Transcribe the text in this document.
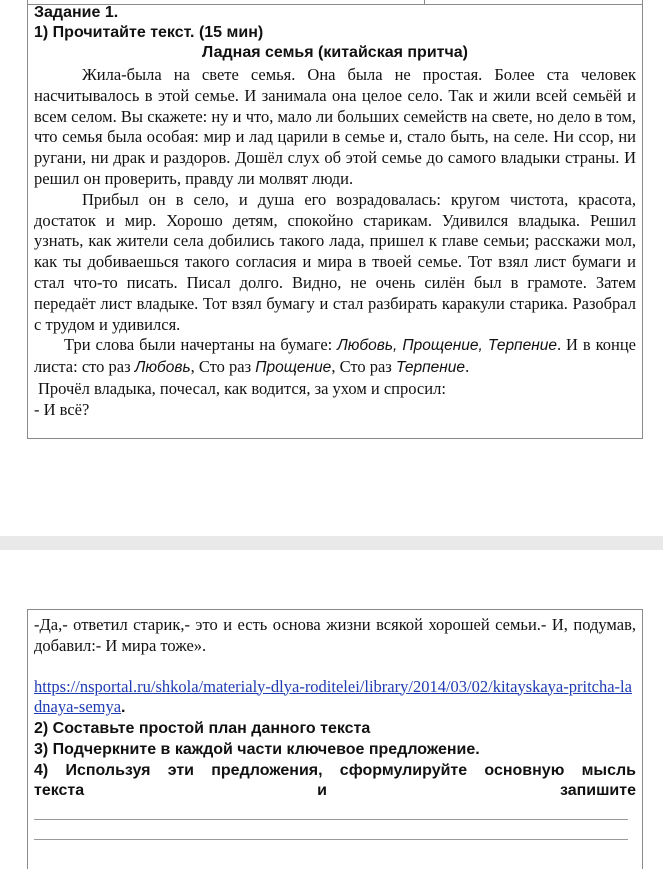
Задание 1.
1) Прочитайте текст. (15 мин)
Ладная семья (китайская притча)

Жила-была на свете семья. Она была не простая. Более ста человек насчитывалось в этой семье. И занимала она целое село. Так и жили всей семьёй и всем селом. Вы скажете: ну и что, мало ли больших семейств на свете, но дело в том, что семья была особая: мир и лад царили в семье и, стало быть, на селе. Ни ссор, ни ругани, ни драк и раздоров. Дошёл слух об этой семье до самого владыки страны. И решил он проверить, правду ли молвят люди.

Прибыл он в село, и душа его возрадовалась: кругом чистота, красота, достаток и мир. Хорошо детям, спокойно старикам. Удивился владыка. Решил узнать, как жители села добились такого лада, пришел к главе семьи; расскажи мол, как ты добиваешься такого согласия и мира в твоей семье. Тот взял лист бумаги и стал что-то писать. Писал долго. Видно, не очень силён был в грамоте. Затем передаёт лист владыке. Тот взял бумагу и стал разбирать каракули старика. Разобрал с трудом и удивился.

Три слова были начертаны на бумаге: Любовь, Прощение, Терпение. И в конце листа: сто раз Любовь, Сто раз Прощение, Сто раз Терпение.

Прочёл владыка, почесал, как водится, за ухом и спросил:

- И всё?

-Да,- ответил старик,- это и есть основа жизни всякой хорошей семьи.- И, подумав, добавил:- И мира тоже».

https://nsportal.ru/shkola/materialy-dlya-roditelei/library/2014/03/02/kitayskaya-pritcha-ladnaya-semya.

2) Составьте простой план данного текста
3) Подчеркните в каждой части ключевое предложение.
4) Используя эти предложения, сформулируйте основную мысль
текста	и	запишите
